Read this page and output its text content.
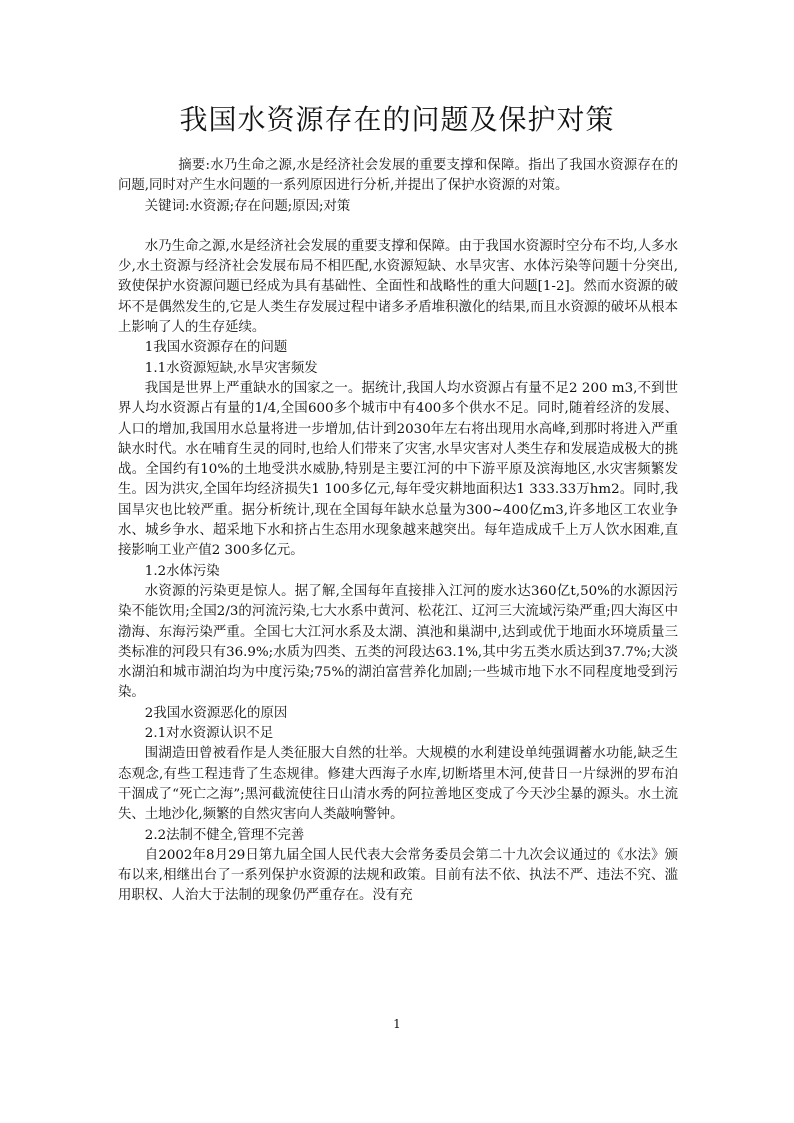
我国水资源存在的问题及保护对策

摘要:水乃生命之源,水是经济社会发展的重要支撑和保障。指出了我国水资源存在的问题,同时对产生水问题的一系列原因进行分析,并提出了保护水资源的对策。

关键词:水资源;存在问题;原因;对策

水乃生命之源,水是经济社会发展的重要支撑和保障。由于我国水资源时空分布不均,人多水少,水土资源与经济社会发展布局不相匹配,水资源短缺、水旱灾害、水体污染等问题十分突出,致使保护水资源问题已经成为具有基础性、全面性和战略性的重大问题[1-2]。然而水资源的破坏不是偶然发生的,它是人类生存发展过程中诸多矛盾堆积激化的结果,而且水资源的破坏从根本上影响了人的生存延续。

1我国水资源存在的问题

1.1水资源短缺,水旱灾害频发

我国是世界上严重缺水的国家之一。据统计,我国人均水资源占有量不足2 200 m3,不到世界人均水资源占有量的1/4,全国600多个城市中有400多个供水不足。同时,随着经济的发展、人口的增加,我国用水总量将进一步增加,估计到2030年左右将出现用水高峰,到那时将进入严重缺水时代。水在哺育生灵的同时,也给人们带来了灾害,水旱灾害对人类生存和发展造成极大的挑战。全国约有10%的土地受洪水威胁,特别是主要江河的中下游平原及滨海地区,水灾害频繁发生。因为洪灾,全国年均经济损失1 100多亿元,每年受灾耕地面积达1 333.33万hm2。同时,我国旱灾也比较严重。据分析统计,现在全国每年缺水总量为300~400亿m3,许多地区工农业争水、城乡争水、超采地下水和挤占生态用水现象越来越突出。每年造成成千上万人饮水困难,直接影响工业产值2 300多亿元。

1.2水体污染

水资源的污染更是惊人。据了解,全国每年直接排入江河的废水达360亿t,50%的水源因污染不能饮用;全国2/3的河流污染,七大水系中黄河、松花江、辽河三大流域污染严重;四大海区中渤海、东海污染严重。全国七大江河水系及太湖、滇池和巢湖中,达到或优于地面水环境质量三类标准的河段只有36.9%;水质为四类、五类的河段达63.1%,其中劣五类水质达到37.7%;大淡水湖泊和城市湖泊均为中度污染;75%的湖泊富营养化加剧;一些城市地下水不同程度地受到污染。

2我国水资源恶化的原因

2.1对水资源认识不足

围湖造田曾被看作是人类征服大自然的壮举。大规模的水利建设单纯强调蓄水功能,缺乏生态观念,有些工程违背了生态规律。修建大西海子水库,切断塔里木河,使昔日一片绿洲的罗布泊干涸成了“死亡之海”;黑河截流使往日山清水秀的阿拉善地区变成了今天沙尘暴的源头。水土流失、土地沙化,频繁的自然灾害向人类敲响警钟。

2.2法制不健全,管理不完善

自2002年8月29日第九届全国人民代表大会常务委员会第二十九次会议通过的《水法》颁布以来,相继出台了一系列保护水资源的法规和政策。目前有法不依、执法不严、违法不究、滥用职权、人治大于法制的现象仍严重存在。没有充

1
